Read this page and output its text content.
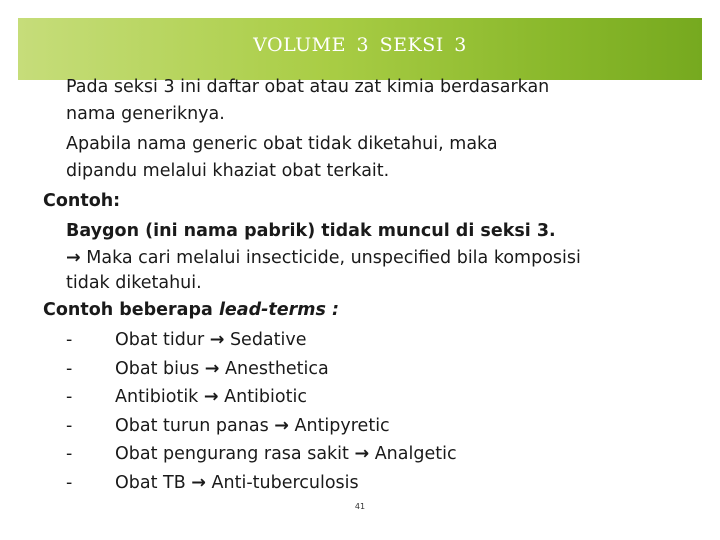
VOLUME 3 SEKSI 3
Pada seksi 3 ini daftar obat atau zat kimia berdasarkan
nama generiknya.
Apabila nama generic obat tidak diketahui, maka
dipandu melalui khaziat obat terkait.
Contoh:
Baygon (ini nama pabrik) tidak muncul di seksi 3.
→ Maka cari melalui insecticide, unspecified bila komposisi
tidak diketahui.
Contoh beberapa lead-terms :
- Obat tidur → Sedative
- Obat bius → Anesthetica
- Antibiotik → Antibiotic
- Obat turun panas → Antipyretic
- Obat pengurang rasa sakit → Analgetic
- Obat TB → Anti-tuberculosis
41
